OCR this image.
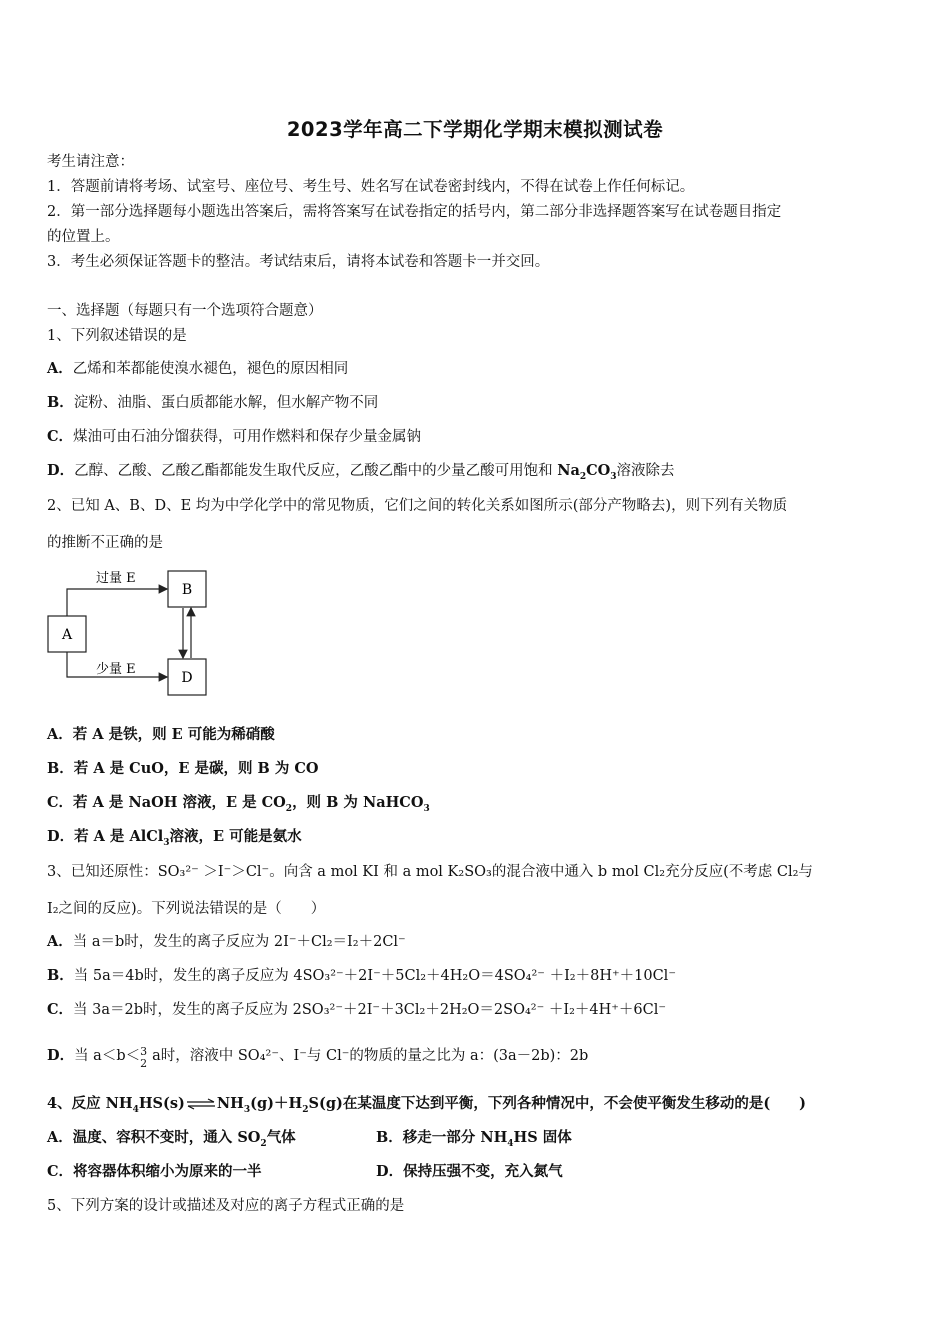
2023学年高二下学期化学期末模拟测试卷
考生请注意：
1．答题前请将考场、试室号、座位号、考生号、姓名写在试卷密封线内，不得在试卷上作任何标记。
2．第一部分选择题每小题选出答案后，需将答案写在试卷指定的括号内，第二部分非选择题答案写在试卷题目指定
的位置上。
3．考生必须保证答题卡的整洁。考试结束后，请将本试卷和答题卡一并交回。
一、选择题（每题只有一个选项符合题意）
1、下列叙述错误的是
A．乙烯和苯都能使溴水褪色，褪色的原因相同
B．淀粉、油脂、蛋白质都能水解，但水解产物不同
C．煤油可由石油分馏获得，可用作燃料和保存少量金属钠
D．乙醇、乙酸、乙酸乙酯都能发生取代反应，乙酸乙酯中的少量乙酸可用饱和 $Na_2CO_3$溶液除去
2、已知 A、B、D、E 均为中学化学中的常见物质，它们之间的转化关系如图所示(部分产物略去)，则下列有关物质
的推断不正确的是
A
B
D
过量 E
少量 E
A．若 A 是铁，则 E 可能为稀硝酸
B．若 A 是 CuO，E 是碳，则 B 为 CO
C．若 A 是 NaOH 溶液，E 是 $CO_2$，则 B 为 NaHCO$_3$
D．若 A 是 AlCl$_3$溶液，E 可能是氨水
3、已知还原性：SO₃²⁻ ＞I⁻＞Cl⁻。向含 a mol KI 和 a mol K₂SO₃的混合液中通入 b mol Cl₂充分反应(不考虑 Cl₂与
I₂之间的反应)。下列说法错误的是（　　）
A．当 a＝b时，发生的离子反应为 2I⁻＋Cl₂＝I₂＋2Cl⁻
B．当 5a＝4b时，发生的离子反应为 4SO₃²⁻＋2I⁻＋5Cl₂＋4H₂O＝4SO₄²⁻ ＋I₂＋8H⁺＋10Cl⁻
C．当 3a＝2b时，发生的离子反应为 2SO₃²⁻＋2I⁻＋3Cl₂＋2H₂O＝2SO₄²⁻ ＋I₂＋4H⁺＋6Cl⁻
D．当 a＜b＜ 3
2 a时，溶液中 SO₄²⁻、I⁻与 Cl⁻的物质的量之比为 a：(3a－2b)：2b
4、反应 $NH_4HS(s)\rightleftharpoons NH_3(g)+H_2S(g)$在某温度下达到平衡，下列各种情况中，不会使平衡发生移动的是(　　)
A．温度、容积不变时，通入 $SO_2$气体	B．移走一部分 $NH_4HS$ 固体
C．将容器体积缩小为原来的一半	D．保持压强不变，充入氮气
5、下列方案的设计或描述及对应的离子方程式正确的是
